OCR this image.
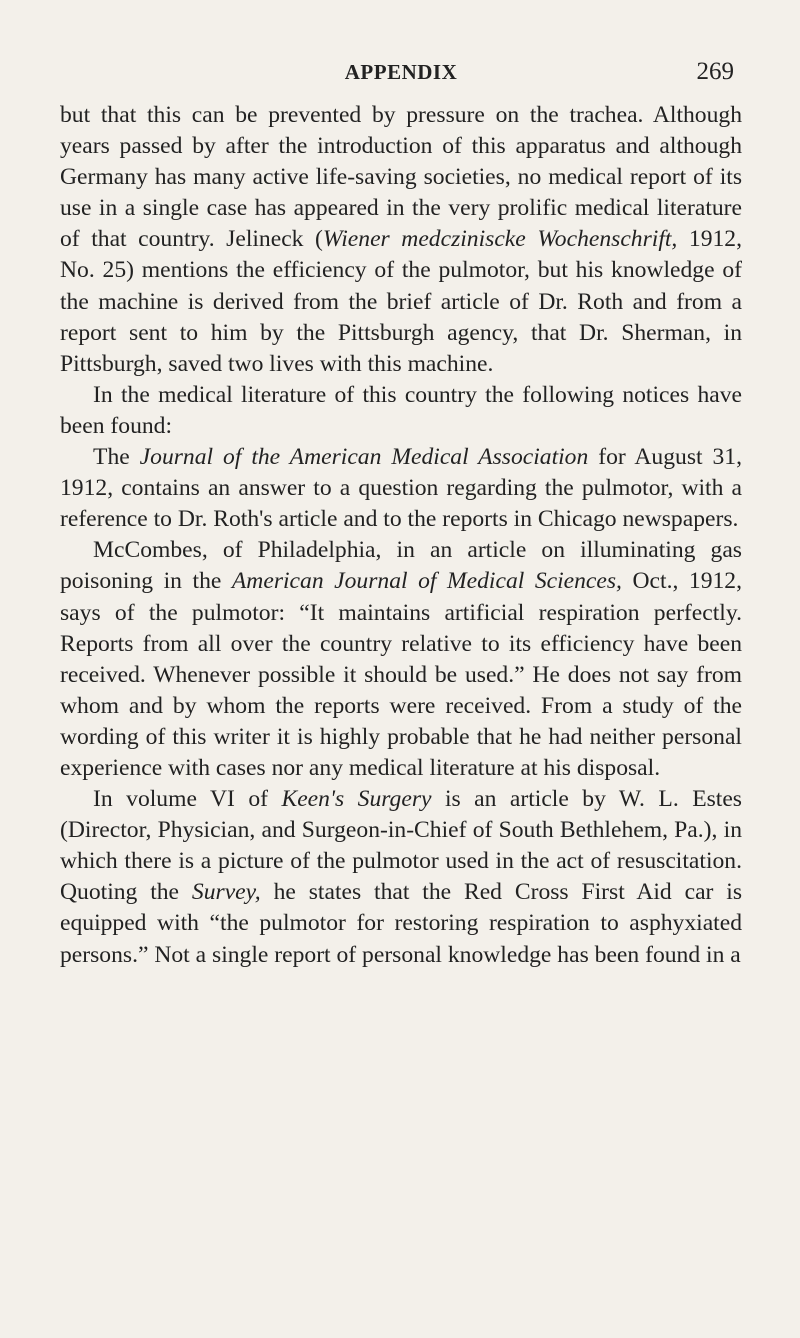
APPENDIX	269

but that this can be prevented by pressure on the trachea. Although years passed by after the introduction of this apparatus and although Germany has many active life-saving societies, no medical report of its use in a single case has appeared in the very prolific medical literature of that country. Jelineck (Wiener medcziniscke Wochenschrift, 1912, No. 25) mentions the efficiency of the pulmotor, but his knowledge of the machine is derived from the brief article of Dr. Roth and from a report sent to him by the Pittsburgh agency, that Dr. Sherman, in Pittsburgh, saved two lives with this machine.

In the medical literature of this country the following notices have been found:

The Journal of the American Medical Association for August 31, 1912, contains an answer to a question regarding the pulmotor, with a reference to Dr. Roth's article and to the reports in Chicago newspapers.

McCombes, of Philadelphia, in an article on illuminating gas poisoning in the American Journal of Medical Sciences, Oct., 1912, says of the pulmotor: “It maintains artificial respiration perfectly. Reports from all over the country relative to its efficiency have been received. Whenever possible it should be used.” He does not say from whom and by whom the reports were received. From a study of the wording of this writer it is highly probable that he had neither personal experience with cases nor any medical literature at his disposal.

In volume VI of Keen's Surgery is an article by W. L. Estes (Director, Physician, and Surgeon-in-Chief of South Bethlehem, Pa.), in which there is a picture of the pulmotor used in the act of resuscitation. Quoting the Survey, he states that the Red Cross First Aid car is equipped with “the pulmotor for restoring respiration to asphyxiated persons.” Not a single report of personal knowledge has been found in a
